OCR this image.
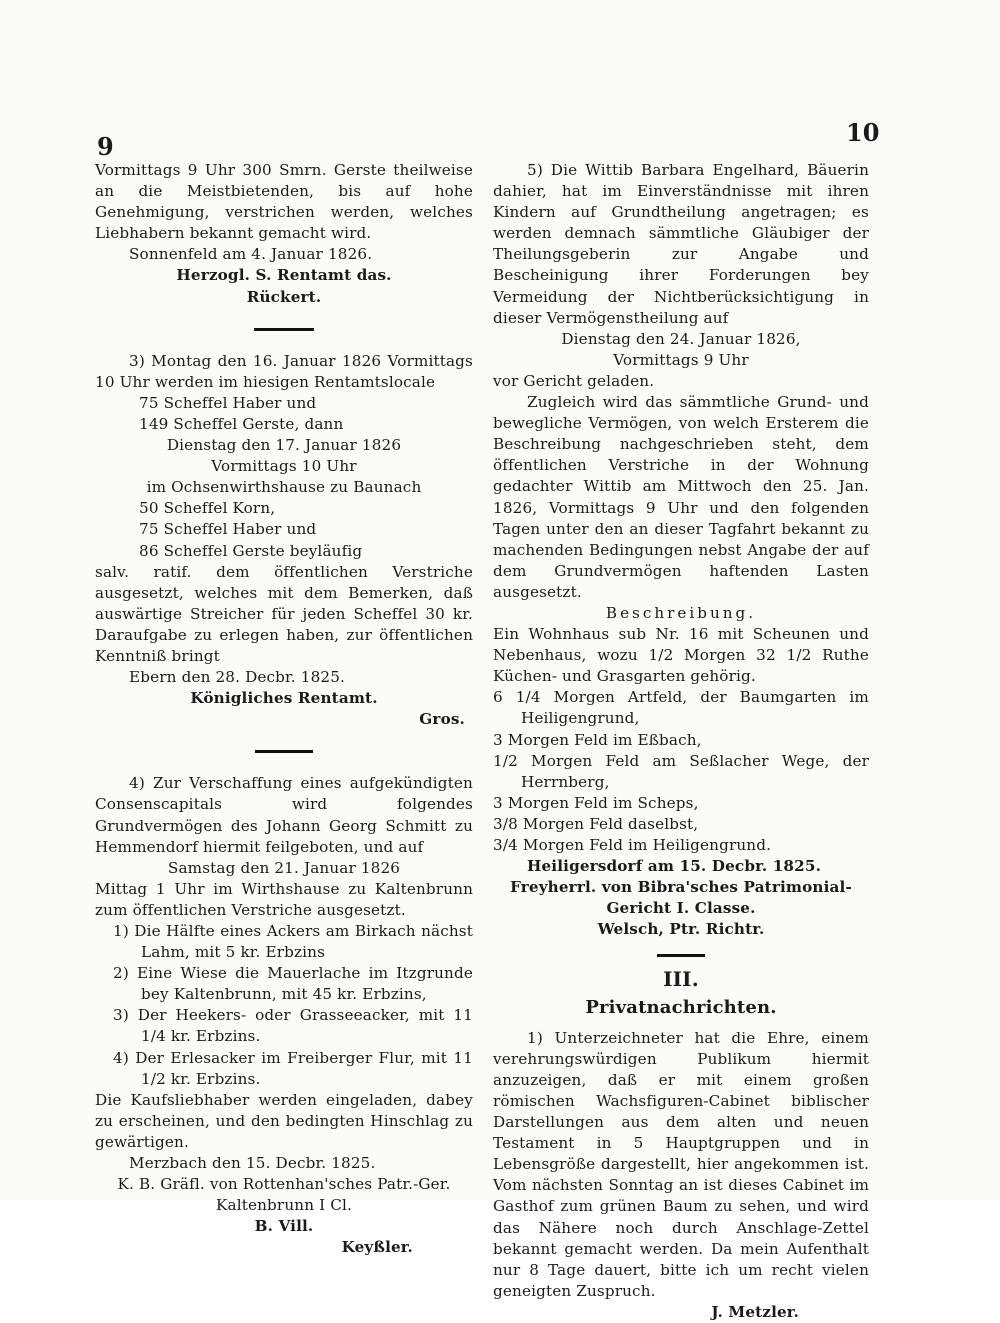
9	10

Vormittags 9 Uhr 300 Smrn. Gerste theilweise an die Meistbietenden, bis auf hohe Genehmigung, verstrichen werden, welches Liebhabern bekannt gemacht wird.

Sonnenfeld am 4. Januar 1826.

Herzogl. S. Rentamt das.

Rückert.

3) Montag den 16. Januar 1826 Vormittags 10 Uhr werden im hiesigen Rentamtslocale

75 Scheffel Haber und

149 Scheffel Gerste, dann

Dienstag den 17. Januar 1826

Vormittags 10 Uhr

im Ochsenwirthshause zu Baunach

50 Scheffel Korn,

75 Scheffel Haber und

86 Scheffel Gerste beyläufig

salv. ratif. dem öffentlichen Verstriche ausgesetzt, welches mit dem Bemerken, daß auswärtige Streicher für jeden Scheffel 30 kr. Daraufgabe zu erlegen haben, zur öffentlichen Kenntniß bringt

Ebern den 28. Decbr. 1825.

Königliches Rentamt.

Gros.

4) Zur Verschaffung eines aufgekündigten Consenscapitals wird folgendes Grundvermögen des Johann Georg Schmitt zu Hemmendorf hiermit feilgeboten, und auf

Samstag den 21. Januar 1826

Mittag 1 Uhr im Wirthshause zu Kaltenbrunn zum öffentlichen Verstriche ausgesetzt.

1) Die Hälfte eines Ackers am Birkach nächst Lahm, mit 5 kr. Erbzins

2) Eine Wiese die Mauerlache im Itzgrunde bey Kaltenbrunn, mit 45 kr. Erbzins,

3) Der Heekers- oder Grasseeacker, mit 11 1/4 kr. Erbzins.

4) Der Erlesacker im Freiberger Flur, mit 11 1/2 kr. Erbzins.

Die Kaufsliebhaber werden eingeladen, dabey zu erscheinen, und den bedingten Hinschlag zu gewärtigen.

Merzbach den 15. Decbr. 1825.

K. B. Gräfl. von Rottenhan'sches Patr.-Ger. Kaltenbrunn I Cl.

B. Vill.

Keyßler.

5) Die Wittib Barbara Engelhard, Bäuerin dahier, hat im Einverständnisse mit ihren Kindern auf Grundtheilung angetragen; es werden demnach sämmtliche Gläubiger der Theilungsgeberin zur Angabe und Bescheinigung ihrer Forderungen bey Vermeidung der Nichtberücksichtigung in dieser Vermögenstheilung auf

Dienstag den 24. Januar 1826,

Vormittags 9 Uhr

vor Gericht geladen.

Zugleich wird das sämmtliche Grund- und bewegliche Vermögen, von welch Ersterem die Beschreibung nachgeschrieben steht, dem öffentlichen Verstriche in der Wohnung gedachter Wittib am Mittwoch den 25. Jan. 1826, Vormittags 9 Uhr und den folgenden Tagen unter den an dieser Tagfahrt bekannt zu machenden Bedingungen nebst Angabe der auf dem Grundvermögen haftenden Lasten ausgesetzt.

Beschreibung.

Ein Wohnhaus sub Nr. 16 mit Scheunen und Nebenhaus, wozu 1/2 Morgen 32 1/2 Ruthe Küchen- und Grasgarten gehörig.

6 1/4 Morgen Artfeld, der Baumgarten im Heiligengrund,

3 Morgen Feld im Eßbach,

1/2 Morgen Feld am Seßlacher Wege, der Herrnberg,

3 Morgen Feld im Scheps,

3/8 Morgen Feld daselbst,

3/4 Morgen Feld im Heiligengrund.

Heiligersdorf am 15. Decbr. 1825.

Freyherrl. von Bibra'sches Patrimonial-Gericht I. Classe.

Welsch, Ptr. Richtr.

III.
Privatnachrichten.

1) Unterzeichneter hat die Ehre, einem verehrungswürdigen Publikum hiermit anzuzeigen, daß er mit einem großen römischen Wachsfiguren-Cabinet biblischer Darstellungen aus dem alten und neuen Testament in 5 Hauptgruppen und in Lebensgröße dargestellt, hier angekommen ist. Vom nächsten Sonntag an ist dieses Cabinet im Gasthof zum grünen Baum zu sehen, und wird das Nähere noch durch Anschlage-Zettel bekannt gemacht werden. Da mein Aufenthalt nur 8 Tage dauert, bitte ich um recht vielen geneigten Zuspruch.

J. Metzler.
